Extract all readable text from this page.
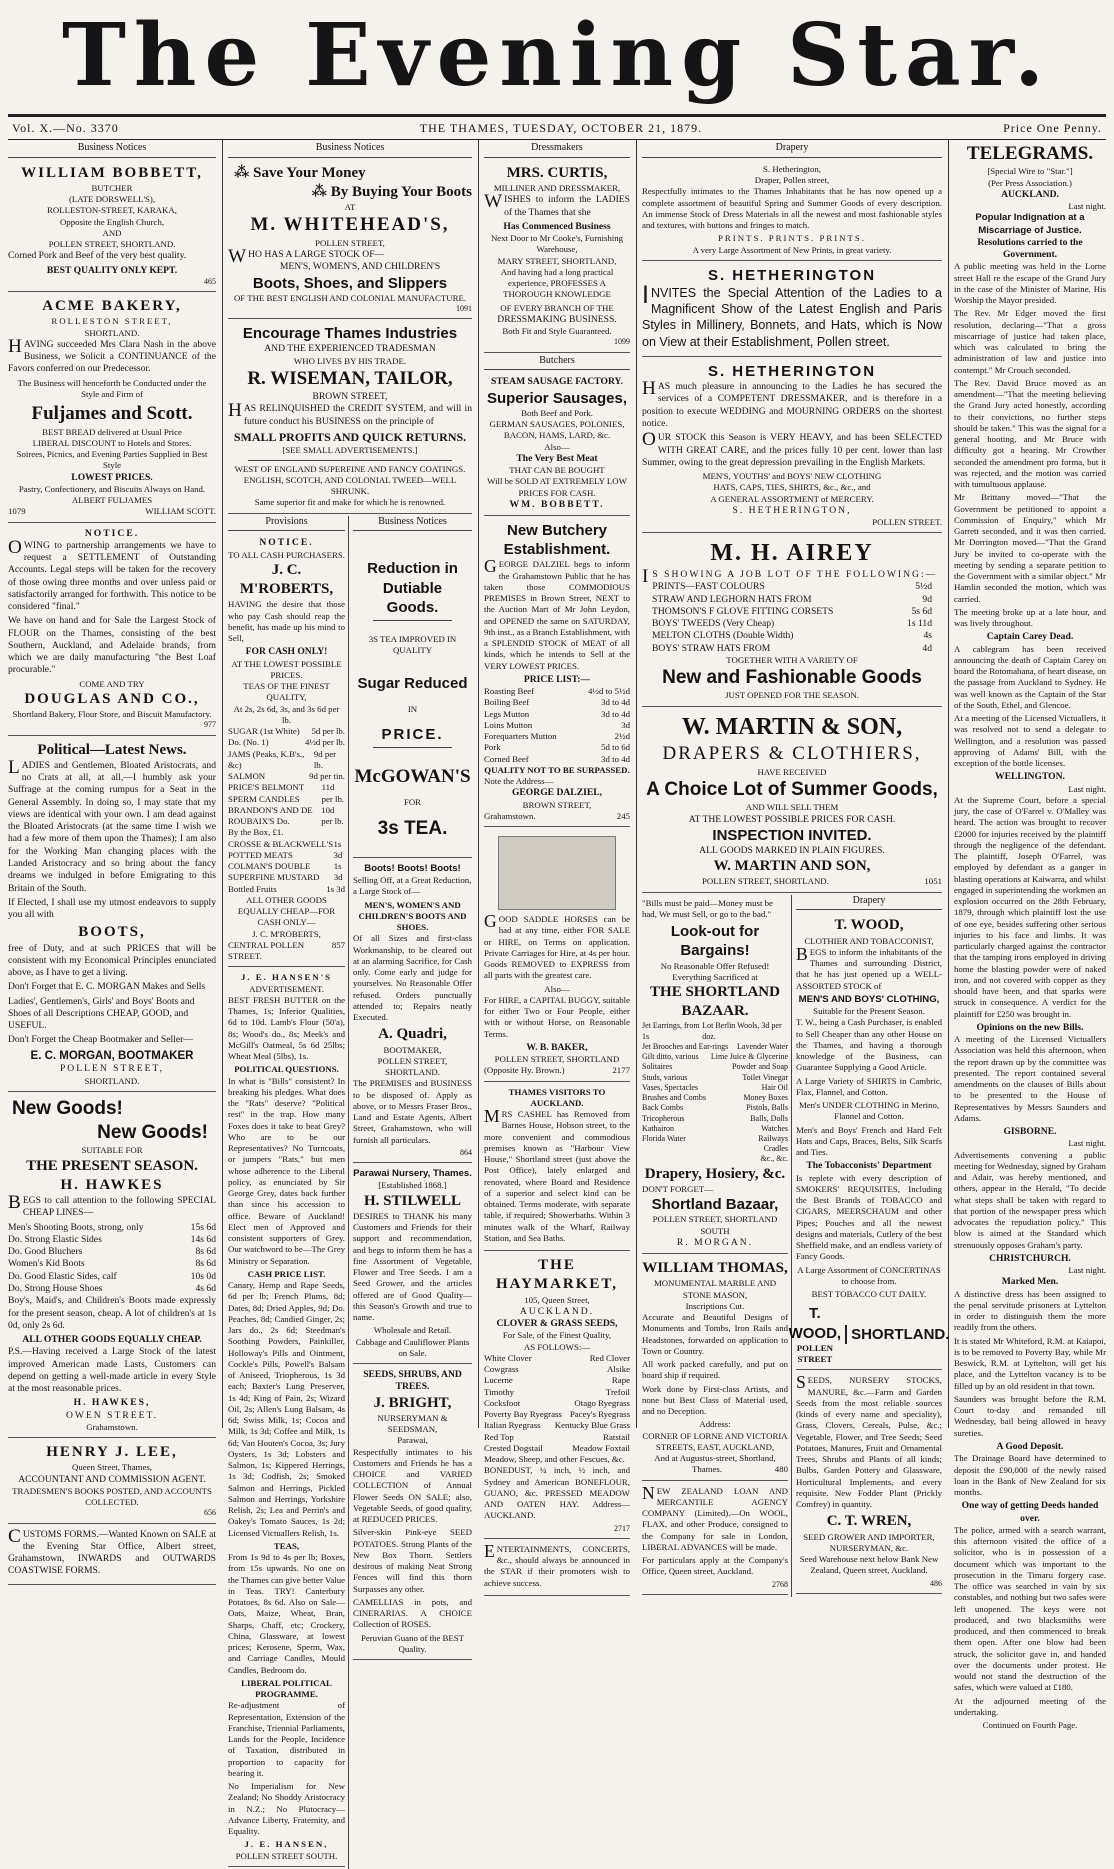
The Evening Star.
Vol. X.—No. 3370	THE THAMES, TUESDAY, OCTOBER 21, 1879.	Price One Penny.
Business Notices
WILLIAM BOBBETT,
BUTCHER
(LATE DORSWELL'S),
ROLLESTON-STREET, KARAKA,
Opposite the English Church,
AND
POLLEN STREET, SHORTLAND.

Corned Pork and Beef of the very best quality.

BEST QUALITY ONLY KEPT.
465
ACME BAKERY,
ROLLESTON STREET,
SHORTLAND.

HAVING succeeded Mrs Clara Nash in the above Business, we Solicit a CONTINUANCE of the Favors conferred on our Predecessor.

The Business will henceforth be Conducted under the Style and Firm of

Fuljames and Scott.
BEST BREAD delivered at Usual Price
LIBERAL DISCOUNT to Hotels and Stores.
Soirees, Picnics, and Evening Parties Supplied in Best Style
LOWEST PRICES.
Pastry, Confectionery, and Biscuits Always on Hand.
ALBERT FULJAMES
1079	WILLIAM SCOTT.
NOTICE.

OWING to partnership arrangements we have to request a SETTLEMENT of Outstanding Accounts. Legal steps will be taken for the recovery of those owing three months and over unless paid or satisfactorily arranged for forthwith. This notice to be considered "final."

We have on hand and for Sale the Largest Stock of FLOUR on the Thames, consisting of the best Southern, Auckland, and Adelaide brands, from which we are daily manufacturing "the Best Loaf procurable."

COME AND TRY
DOUGLAS AND CO.,
Shortland Bakery, Flour Store, and Biscuit Manufactory.
977
Political—Latest News.

LADIES and Gentlemen, Bloated Aristocrats, and no Crats at all, at all,—I humbly ask your Suffrage at the coming rumpus for a Seat in the General Assembly. In doing so, I may state that my views are identical with your own. I am dead against the Bloated Aristocrats (at the same time I wish we had a few more of them upon the Thames); I am also for the Working Man changing places with the Landed Aristocracy and so bring about the fancy dreams we indulged in before Emigrating to this Britain of the South.

If Elected, I shall use my utmost endeavors to supply you all with

BOOTS,

free of Duty, and at such PRICES that will be consistent with my Economical Principles enunciated above, as I have to get a living.

Don't Forget that E. C. MORGAN Makes and Sells

Ladies', Gentlemen's, Girls' and Boys' Boots and Shoes of all Descriptions CHEAP, GOOD, and USEFUL.

Don't Forget the Cheap Bootmaker and Seller—

E. C. MORGAN, BOOTMAKER
POLLEN STREET,
SHORTLAND.
New Goods!
New Goods!
SUITABLE FOR
THE PRESENT SEASON.
H. HAWKES

BEGS to call attention to the following SPECIAL CHEAP LINES—

Men's Shooting Boots, strong, only	15s 6d
Do. Strong Elastic Sides	14s 6d
Do. Good Bluchers	8s 6d
Women's Kid Boots	8s 6d
Do. Good Elastic Sides, calf	10s 0d
Do. Strong House Shoes	4s 6d

Boy's, Maid's, and Children's Boots made expressly for the present season, cheap. A lot of children's at 1s 0d, only 2s 6d.

ALL OTHER GOODS EQUALLY CHEAP.

P.S.—Having received a Large Stock of the latest improved American made Lasts, Customers can depend on getting a well-made article in every Style at the most reasonable prices.

H. HAWKES,
OWEN STREET.
Grahamstown.
HENRY J. LEE,
Queen Street, Thames,
ACCOUNTANT AND COMMISSION AGENT.
TRADESMEN'S BOOKS POSTED, AND ACCOUNTS COLLECTED.
656

CUSTOMS FORMS.—Wanted Known on SALE at the Evening Star Office, Albert street, Grahamstown, INWARDS and OUTWARDS COASTWISE FORMS.

Business Notices
⁂ Save Your Money
⁂ By Buying Your Boots
AT
M. WHITEHEAD'S,
POLLEN STREET,
WHO HAS A LARGE STOCK OF—
MEN'S, WOMEN'S, AND CHILDREN'S
Boots, Shoes, and Slippers
OF THE BEST ENGLISH AND COLONIAL MANUFACTURE.
1091
Encourage Thames Industries
AND THE EXPERIENCED TRADESMAN
WHO LIVES BY HIS TRADE.
R. WISEMAN, TAILOR,
BROWN STREET,

HAS RELINQUISHED the CREDIT SYSTEM, and will in future conduct his BUSINESS on the principle of

SMALL PROFITS AND QUICK RETURNS.
[SEE SMALL ADVERTISEMENTS.]
WEST OF ENGLAND SUPERFINE AND FANCY COATINGS.
ENGLISH, SCOTCH, AND COLONIAL TWEED—WELL SHRUNK.
Same superior fit and make for which he is renowned.
Provisions
NOTICE.
TO ALL CASH PURCHASERS.
J. C. M'ROBERTS,

HAVING the desire that those who pay Cash should reap the benefit, has made up his mind to Sell,

FOR CASH ONLY!
AT THE LOWEST POSSIBLE PRICES.
TEAS OF THE FINEST QUALITY,
At 2s, 2s 6d, 3s, and 3s 6d per lb.
SUGAR (1st White) 5d per lb.
Do. (No. 1)	4½d per lb.
JAMS (Peaks, K.B's., &c)
9d per lb.
SALMON	9d per tin.
PRICE'S BELMONT SPERM CANDLES
11d per lb.
BRANDON'S AND DE ROUBAIX'S Do.
10d per lb.
By the Box, £1.
CROSSE & BLACKWELL'S POTTED MEATS
1s 3d
COLMAN'S DOUBLE SUPERFINE MUSTARD
1s 3d
Bottled Fruits	1s 3d
ALL OTHER GOODS EQUALLY CHEAP—FOR CASH ONLY—
J. C. M'ROBERTS,
CENTRAL POLLEN STREET.
857
J. E. HANSEN'S
ADVERTISEMENT.

BEST FRESH BUTTER on the Thames, 1s; Inferior Qualities, 6d to 10d. Lamb's Flour (50'a), 8s; Wood's do., 8s; Meek's and McGill's Oatmeal, 5s 6d 25lbs; Wheat Meal (5lbs), 1s.

POLITICAL QUESTIONS.

In what is "Bills" consistent? In breaking his pledges. What does the "Rats" deserve? "Political rest" in the trap. How many Foxes does it take to beat Grey? Who are to be our Representatives? No Turncoats, or jumpers "Rats," but men whose adherence to the Liberal policy, as enunciated by Sir George Grey, dates back further than since his accession to office. Beware of Auckland! Elect men of Approved and consistent supporters of Grey. Our watchword to be—The Grey Ministry or Separation.

CASH PRICE LIST.

Canary, Hemp and Rape Seeds, 6d per lb; French Plums, 8d; Dates, 8d; Dried Apples, 9d; Do. Peaches, 8d; Candied Ginger, 2s; Jars do., 2s 6d; Steedman's Soothing Powders, Painkiller, Holloway's Pills and Ointment, Cockle's Pills, Powell's Balsam of Aniseed, Triopherous, 1s 3d each; Baxter's Lung Preserver, 1s 4d; King of Pain, 2s; Wizard Oil, 2s; Allen's Lung Balsam, 4s 6d; Swiss Milk, 1s; Cocoa and Milk, 1s 3d; Coffee and Milk, 1s 6d; Van Houten's Cocoa, 3s; Jury Oysters, 1s 3d; Lobsters and Salmon, 1s; Kippered Herrings, 1s 3d; Codfish, 2s; Smoked Salmon and Herrings, Pickled Salmon and Herrings, Yorkshire Relish, 2s; Lea and Perrin's and Oakey's Tomato Sauces, 1s 2d; Licensed Victuallers Relish, 1s.

TEAS,

From 1s 9d to 4s per lb; Boxes, from 15s upwards. No one on the Thames can give better Value in Teas. TRY! Canterbury Potatoes, 8s 6d. Also on Sale—Oats, Maize, Wheat, Bran, Sharps, Chaff, etc; Crockery, China, Glassware, at lowest prices; Kerosene, Sperm, Wax, and Carriage Candles, Mould Candles, Bedroom do.

LIBERAL POLITICAL PROGRAMME.

Re-adjustment of Representation, Extension of the Franchise, Triennial Parliaments, Lands for the People, Incidence of Taxation, distributed in proportion to capacity for bearing it.

No Imperialism for New Zealand; No Shoddy Aristocracy in N.Z.; No Plutocracy—Advance Liberty, Fraternity, and Equality.

J. E. HANSEN,
POLLEN STREET SOUTH.
Business Notices
Reduction in Dutiable
Goods.
3S TEA IMPROVED IN QUALITY
Sugar Reduced
IN
PRICE.
McGOWAN'S
FOR
3s TEA.
Boots! Boots! Boots!

Selling Off, at a Great Reduction, a Large Stock of—

MEN'S, WOMEN'S AND CHILDREN'S BOOTS AND SHOES.

Of all Sizes and first-class Workmanship, to be cleared out at an alarming Sacrifice, for Cash only. Come early and judge for yourselves. No Reasonable Offer refused. Orders punctually attended to; Repairs neatly Executed.

A. Quadri,
BOOTMAKER,
POLLEN STREET, SHORTLAND.

The PREMISES and BUSINESS to be disposed of. Apply as above, or to Messrs Fraser Bros., Land and Estate Agents, Albert Street, Grahamstown, who will furnish all particulars.

864
Parawai Nursery, Thames.
[Established 1868.]
H. STILWELL

DESIRES to THANK his many Customers and Friends for their support and recommendation, and begs to inform them he has a fine Assortment of Vegetable, Flower and Tree Seeds. I am a Seed Grower, and the articles offered are of Good Quality—this Season's Growth and true to name.

Wholesale and Retail.
Cabbage and Cauliflower Plants on Sale.
SEEDS, SHRUBS, AND TREES.
J. BRIGHT,
NURSERYMAN & SEEDSMAN,
Parawai,

Respectfully intimates to his Customers and Friends he has a CHOICE and VARIED COLLECTION of Annual Flower Seeds ON SALE; also, Vegetable Seeds, of good quality, at REDUCED PRICES.

Silver-skin Pink-eye SEED POTATOES. Strong Plants of the New Box Thorn. Settlers desirous of making Neat Strong Fences will find this thorn Surpasses any other.

CAMELLIAS in pots, and CINERARIAS. A CHOICE Collection of ROSES.

Peruvian Guano of the BEST Quality.
Dressmakers
MRS. CURTIS,
MILLINER AND DRESSMAKER,

WISHES to inform the LADIES of the Thames that she

Has Commenced Business
Next Door to Mr Cooke's, Furnishing Warehouse,
MARY STREET, SHORTLAND,

And having had a long practical experience, PROFESSES A THOROUGH KNOWLEDGE

OF EVERY BRANCH OF THE
DRESSMAKING BUSINESS.
Both Fit and Style Guaranteed.
1099
Butchers
STEAM SAUSAGE FACTORY.
Superior Sausages,
Both Beef and Pork.
GERMAN SAUSAGES, POLONIES,
BACON, HAMS, LARD, &c.
Also—
The Very Best Meat
THAT CAN BE BOUGHT
Will be SOLD AT EXTREMELY LOW
PRICES FOR CASH.
WM. BOBBETT.
New Butchery Establishment.

GEORGE DALZIEL begs to inform the Grahamstown Public that he has taken those COMMODIOUS PREMISES in Brown Street, NEXT to the Auction Mart of Mr John Leydon, and OPENED the same on SATURDAY, 9th inst., as a Branch Establishment, with a SPLENDID STOCK of MEAT of all kinds, which he intends to Sell at the VERY LOWEST PRICES.

PRICE LIST:—
Roasting Beef	4½d to 5½d
Boiling Beef	3d to 4d
Legs Mutton	3d to 4d
Loins Mutton	3d
Forequarters Mutton	2½d
Pork	5d to 6d
Corned Beef	3d to 4d
QUALITY NOT TO BE SURPASSED.
Note the Address—
GEORGE DALZIEL,
BROWN STREET,
Grahamstown.	245

GOOD SADDLE HORSES can be had at any time, either FOR SALE or HIRE, on Terms on application. Private Carriages for Hire, at 4s per hour. Goods REMOVED to EXPRESS from all parts with the greatest care.

Also—

For HIRE, a CAPITAL BUGGY, suitable for either Two or Four People, either with or without Horse, on Reasonable Terms.

W. B. BAKER,
POLLEN STREET, SHORTLAND
(Opposite Hy. Brown.)	2177
THAMES VISITORS TO AUCKLAND.

MRS CASHEL has Removed from Barnes House, Hobson street, to the more convenient and commodious premises known as "Harbour View House," Shortland street (just above the Post Office), lately enlarged and renovated, where Board and Residence of a superior and select kind can be obtained. Terms moderate, with separate table, if required; Showerbaths. Within 3 minutes walk of the Wharf, Railway Station, and Sea Baths.

THE HAYMARKET,
105, Queen Street,
AUCKLAND.
CLOVER & GRASS SEEDS,
For Sale, of the Finest Quality,
AS FOLLOWS:—
White Clover	Red Clover
Cowgrass	Alsike
Lucerne	Rape
Timothy	Trefoil
Cocksfoot	Otago Ryegrass
Poverty Bay Ryegrass Pacey's Ryegrass
Italian Ryegrass Kentucky Blue Grass
Red Top	Ratstail
Crested Dogstail	Meadow Foxtail
Meadow, Sheep, and other Fescues, &c.

BONEDUST, ¼ inch, ½ inch, and Sydney and American BONEFLOUR, GUANO, &c. PRESSED MEADOW AND OATEN HAY. Address—AUCKLAND.

2717

ENTERTAINMENTS, CONCERTS, &c., should always be announced in the STAR if their promoters wish to achieve success.

Drapery
S. Hetherington,
Draper, Pollen street,

Respectfully intimates to the Thames Inhabitants that he has now opened up a complete assortment of beautiful Spring and Summer Goods of every description. An immense Stock of Dress Materials in all the newest and most fashionable styles and textures, with buttons and fringes to match.

PRINTS. PRINTS. PRINTS.
A very Large Assortment of New Prints, in great variety.
S. HETHERINGTON

INVITES the Special Attention of the Ladies to a Magnificent Show of the Latest English and Paris Styles in Millinery, Bonnets, and Hats, which is Now on View at their Establishment, Pollen street.

S. HETHERINGTON

HAS much pleasure in announcing to the Ladies he has secured the services of a COMPETENT DRESSMAKER, and is therefore in a position to execute WEDDING and MOURNING ORDERS on the shortest notice.

OUR STOCK this Season is VERY HEAVY, and has been SELECTED WITH GREAT CARE, and the prices fully 10 per cent. lower than last Summer, owing to the great depression prevailing in the English Markets.

MEN'S, YOUTHS' and BOYS' NEW CLOTHING
HATS, CAPS, TIES, SHIRTS, &c., &c., and
A GENERAL ASSORTMENT of MERCERY.
S. HETHERINGTON,
POLLEN STREET.
M. H. AIREY
IS SHOWING A JOB LOT OF THE FOLLOWING:—
PRINTS—FAST COLOURS	5½d
STRAW AND LEGHORN HATS FROM	9d
THOMSON'S F GLOVE FITTING CORSETS	5s 6d
BOYS' TWEEDS (Very Cheap)	1s 11d
MELTON CLOTHS (Double Width)	4s
BOYS' STRAW HATS FROM	4d
TOGETHER WITH A VARIETY OF
New and Fashionable Goods
JUST OPENED FOR THE SEASON.
W. MARTIN & SON,
DRAPERS & CLOTHIERS,
HAVE RECEIVED
A Choice Lot of Summer Goods,
AND WILL SELL THEM
AT THE LOWEST POSSIBLE PRICES FOR CASH.
INSPECTION INVITED.
ALL GOODS MARKED IN PLAIN FIGURES.
W. MARTIN AND SON,
POLLEN STREET, SHORTLAND.	1051

"Bills must be paid—Money must be had, We must Sell, or go to the bad."

Look-out for Bargains!
No Reasonable Offer Refused! Everything Sacrificed at
THE SHORTLAND BAZAAR.
Jet Earrings, from 1s
Lot Berlin Wools, 3d per doz.
Jet Brooches and Ear-rings Lavender Water
Gilt ditto, various Lime Juice & Glycerine
Solitaires	Powder and Soap
Studs, various	Toilet Vinegar
Vases, Spectacles	Hair Oil
Brushes and Combs	Money Boxes
Back Combs	Pistols, Balls
Tricopherous	Balls, Dolls
Kathairon	Watches
Florida Water	Railways
Cradles
&c., &c.
Drapery, Hosiery, &c.
DON'T FORGET—
Shortland Bazaar,
POLLEN STREET, SHORTLAND SOUTH
R. MORGAN.
WILLIAM THOMAS,
MONUMENTAL MARBLE AND STONE MASON,
Inscriptions Cut.

Accurate and Beautiful Designs of Monuments and Tombs, Iron Rails and Headstones, forwarded on application to Town or Country.

All work packed carefully, and put on board ship if required.

Work done by First-class Artists, and none but Best Class of Material used, and no Deception.

Address:
CORNER OF LORNE AND VICTORIA STREETS, EAST, AUCKLAND,
And at Augustus-street, Shortland,
Thames.	480

NEW ZEALAND LOAN AND MERCANTILE AGENCY COMPANY (Limited).—On WOOL, FLAX, and other Produce, consigned to the Company for sale in London, LIBERAL ADVANCES will be made.

For particulars apply at the Company's Office, Queen street, Auckland.

2768
Drapery
T. WOOD,
CLOTHIER AND TOBACCONIST,

BEGS to inform the inhabitants of the Thames and surrounding District, that he has just opened up a WELL-ASSORTED STOCK of

MEN'S AND BOYS' CLOTHING,
Suitable for the Present Season.

T. W., being a Cash Purchaser, is enabled to Sell Cheaper than any other House on the Thames, and having a thorough knowledge of the Business, can Guarantee Supplying a Good Article.

A Large Variety of SHIRTS in Cambric, Flax, Flannel, and Cotton.

Men's UNDER CLOTHING in Merino, Flannel and Cotton.

Men's and Boys' French and Hard Felt Hats and Caps, Braces, Belts, Silk Scarfs and Ties.

The Tobacconists' Department

Is replete with every description of SMOKERS' REQUISITES, Including the Best Brands of TOBACCO and CIGARS, MEERSCHAUM and other Pipes; Pouches and all the newest designs and materials, Cutlery of the best Sheffield make, and an endless variety of Fancy Goods.

A Large Assortment of CONCERTINAS to choose from.

BEST TOBACCO CUT DAILY.
T. WOOD,
POLLEN STREET
SHORTLAND.

SEEDS, NURSERY STOCKS, MANURE, &c.—Farm and Garden Seeds from the most reliable sources (kinds of every name and speciality), Grass, Clovers, Cereals, Pulse, &c.; Vegetable, Flower, and Tree Seeds; Seed Potatoes, Manures, Fruit and Ornamental Trees, Shrubs and Plants of all kinds; Bulbs, Garden Pottery and Glassware, Horticultural Implements, and every requisite. New Fodder Plant (Prickly Comfrey) in quantity.

C. T. WREN,
SEED GROWER AND IMPORTER,
NURSERYMAN, &c.

Seed Warehouse next below Bank New Zealand, Queen street, Auckland.

486
TELEGRAMS.
[Special Wire to "Star."]
(Per Press Association.)
AUCKLAND.
Last night.
Popular Indignation at a Miscarriage of Justice.
Resolutions carried to the Government.

A public meeting was held in the Lorne street Hall re the escape of the Grand Jury in the case of the Minister of Marine. His Worship the Mayor presided.

The Rev. Mr Edger moved the first resolution, declaring—"That a gross miscarriage of justice had taken place, which was calculated to bring the administration of law and justice into contempt." Mr Crouch seconded.

The Rev. David Bruce moved as an amendment—"That the meeting believing the Grand Jury acted honestly, according to their convictions, no further steps should be taken." This was the signal for a general hooting, and Mr Bruce with difficulty got a hearing. Mr Crowther seconded the amendment pro forma, but it was rejected, and the motion was carried with tumultuous applause.

Mr Brittany moved—"That the Government be petitioned to appoint a Commission of Enquiry," which Mr Garrett seconded, and it was then carried. Mr Dorrington moved—"That the Grand Jury be invited to co-operate with the meeting by sending a separate petition to the Government with a similar object." Mr Hamlin seconded the motion, which was carried.

The meeting broke up at a late hour, and was lively throughout.

Captain Carey Dead.

A cablegram has been received announcing the death of Captain Carey on board the Rotomahana, of heart disease, on the passage from Auckland to Sydney. He was well known as the Captain of the Star of the South, Ethel, and Glencoe.

At a meeting of the Licensed Victuallers, it was resolved not to send a delegate to Wellington, and a resolution was passed approving of Adams' Bill, with the exception of the bottle licenses.

WELLINGTON.
Last night.

At the Supreme Court, before a special jury, the case of O'Farrel v. O'Malley was heard. The action was brought to recover £2000 for injuries received by the plaintiff through the negligence of the defendant. The plaintiff, Joseph O'Farrel, was employed by defendant as a ganger in blasting operations at Kaiwarra, and whilst engaged in superintending the workmen an explosion occurred on the 28th February, 1879, through which plaintiff lost the use of one eye, besides suffering other serious injuries to his face and limbs. It was particularly charged against the contractor that the tamping irons employed in driving home the blasting powder were of naked iron, and not covered with copper as they should have been, and that sparks were struck in consequence. A verdict for the plaintiff for £250 was brought in.

Opinions on the new Bills.

A meeting of the Licensed Victuallers Association was held this afternoon, when the report drawn up by the committee was presented. The report contained several amendments on the clauses of Bills about to be presented to the House of Representatives by Messrs Saunders and Adams.

GISBORNE.
Last night.

Advertisements convening a public meeting for Wednesday, signed by Graham and Adair, was hereby mentioned, and others, appear in the Herald, "To decide what steps shall be taken with regard to that portion of the newspaper press which advocates the repudiation policy." This blow is aimed at the Standard which strenuously opposes Graham's party.

CHRISTCHURCH.
Last night.
Marked Men.

A distinctive dress has been assigned to the penal servitude prisoners at Lyttelton in order to distinguish them the more readily from the others.

It is stated Mr Whiteford, R.M. at Kaiapoi, is to be removed to Poverty Bay, while Mr Beswick, R.M. at Lyttelton, will get his place, and the Lyttelton vacancy is to be filled up by an old resident in that town.

Saunders was brought before the R.M. Court to-day and remanded till Wednesday, bail being allowed in heavy sureties.

A Good Deposit.

The Drainage Board have determined to deposit the £90,000 of the newly raised loan in the Bank of New Zealand for six months.

One way of getting Deeds handed over.

The police, armed with a search warrant, this afternoon visited the office of a solicitor, who is in possession of a document which was important to the prosecution in the Timaru forgery case. The office was searched in vain by six constables, and nothing but two safes were left unopened. The keys were not produced, and two blacksmiths were produced, and then commenced to break them open. After one blow had been struck, the solicitor gave in, and handed over the documents under protest. He would not stand the destruction of the safes, which were valued at £180.

At the adjourned meeting of the undertaking.

Continued on Fourth Page.
